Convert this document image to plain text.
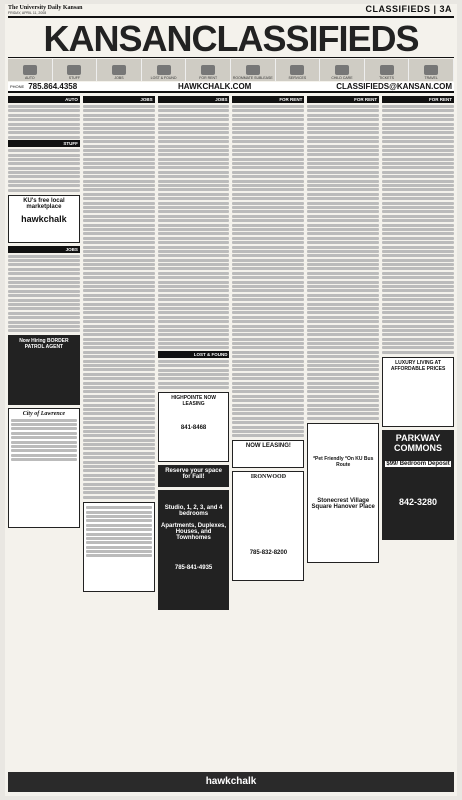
The University Daily Kansan
FRIDAY, APRIL 11, 2008	CLASSIFIEDS | 3A
KANSANCLASSIFIEDS
AUTO	STUFF	JOBS	LOST & FOUND	FOR RENT	ROOMMATE SUBLEASE	SERVICES	CHILD CARE	TICKETS	TRAVEL
PHONE 785.864.4358	HAWKCHALK.COM	CLASSIFIEDS@KANSAN.COM
AUTO
STUFF
KU's free local marketplace
hawkchalk
JOBS
Now Hiring BORDER PATROL AGENT
City of Lawrence
JOBS	JOBS
LOST & FOUND
HIGHPOINTE NOW LEASING
841-8468
Reserve your space for Fall!
Studio, 1, 2, 3, and 4 bedrooms
Apartments, Duplexes, Houses, and Townhomes
785-841-4935
FOR RENT
NOW LEASING!
IRONWOOD
785-832-8200
FOR RENT
*Pet Friendly *On KU Bus Route
Stonecrest Village Square Hanover Place
FOR RENT
LUXURY LIVING AT AFFORDABLE PRICES
PARKWAY COMMONS
$99/ Bedroom Deposit
842-3280
hawkchalk
